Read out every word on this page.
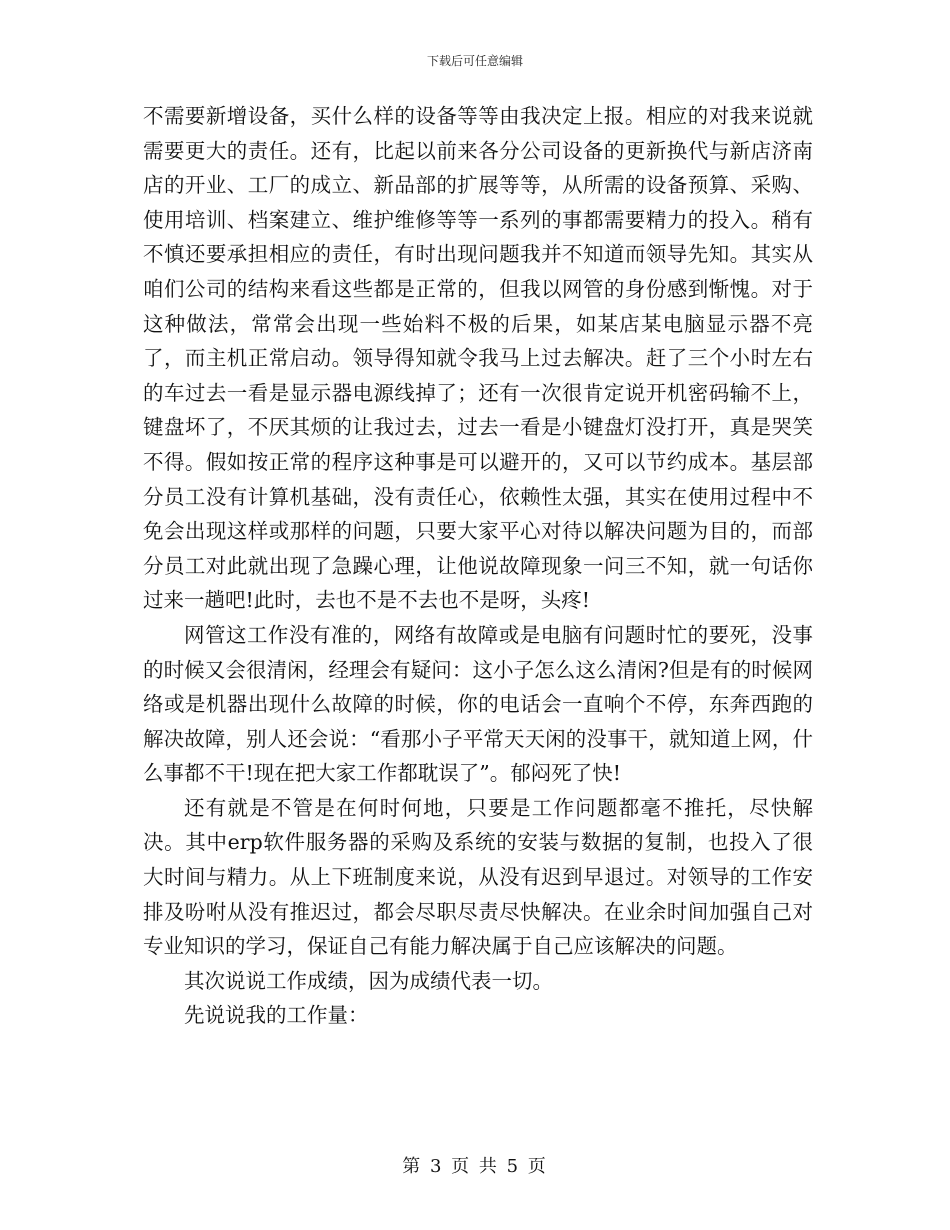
下载后可任意编辑

不需要新增设备，买什么样的设备等等由我决定上报。相应的对我来说就需要更大的责任。还有，比起以前来各分公司设备的更新换代与新店济南店的开业、工厂的成立、新品部的扩展等等，从所需的设备预算、采购、使用培训、档案建立、维护维修等等一系列的事都需要精力的投入。稍有不慎还要承担相应的责任，有时出现问题我并不知道而领导先知。其实从咱们公司的结构来看这些都是正常的，但我以网管的身份感到惭愧。对于这种做法，常常会出现一些始料不极的后果，如某店某电脑显示器不亮了，而主机正常启动。领导得知就令我马上过去解决。赶了三个小时左右的车过去一看是显示器电源线掉了；还有一次很肯定说开机密码输不上，键盘坏了，不厌其烦的让我过去，过去一看是小键盘灯没打开，真是哭笑不得。假如按正常的程序这种事是可以避开的，又可以节约成本。基层部分员工没有计算机基础，没有责任心，依赖性太强，其实在使用过程中不免会出现这样或那样的问题，只要大家平心对待以解决问题为目的，而部分员工对此就出现了急躁心理，让他说故障现象一问三不知，就一句话你过来一趟吧!此时，去也不是不去也不是呀，头疼!

网管这工作没有准的，网络有故障或是电脑有问题时忙的要死，没事的时候又会很清闲，经理会有疑问：这小子怎么这么清闲?但是有的时候网络或是机器出现什么故障的时候，你的电话会一直响个不停，东奔西跑的解决故障，别人还会说：“看那小子平常天天闲的没事干，就知道上网，什么事都不干!现在把大家工作都耽误了”。郁闷死了快!

还有就是不管是在何时何地，只要是工作问题都毫不推托，尽快解决。其中erp软件服务器的采购及系统的安装与数据的复制，也投入了很大时间与精力。从上下班制度来说，从没有迟到早退过。对领导的工作安排及吩咐从没有推迟过，都会尽职尽责尽快解决。在业余时间加强自己对专业知识的学习，保证自己有能力解决属于自己应该解决的问题。

其次说说工作成绩，因为成绩代表一切。

先说说我的工作量：

第 3 页 共 5 页
